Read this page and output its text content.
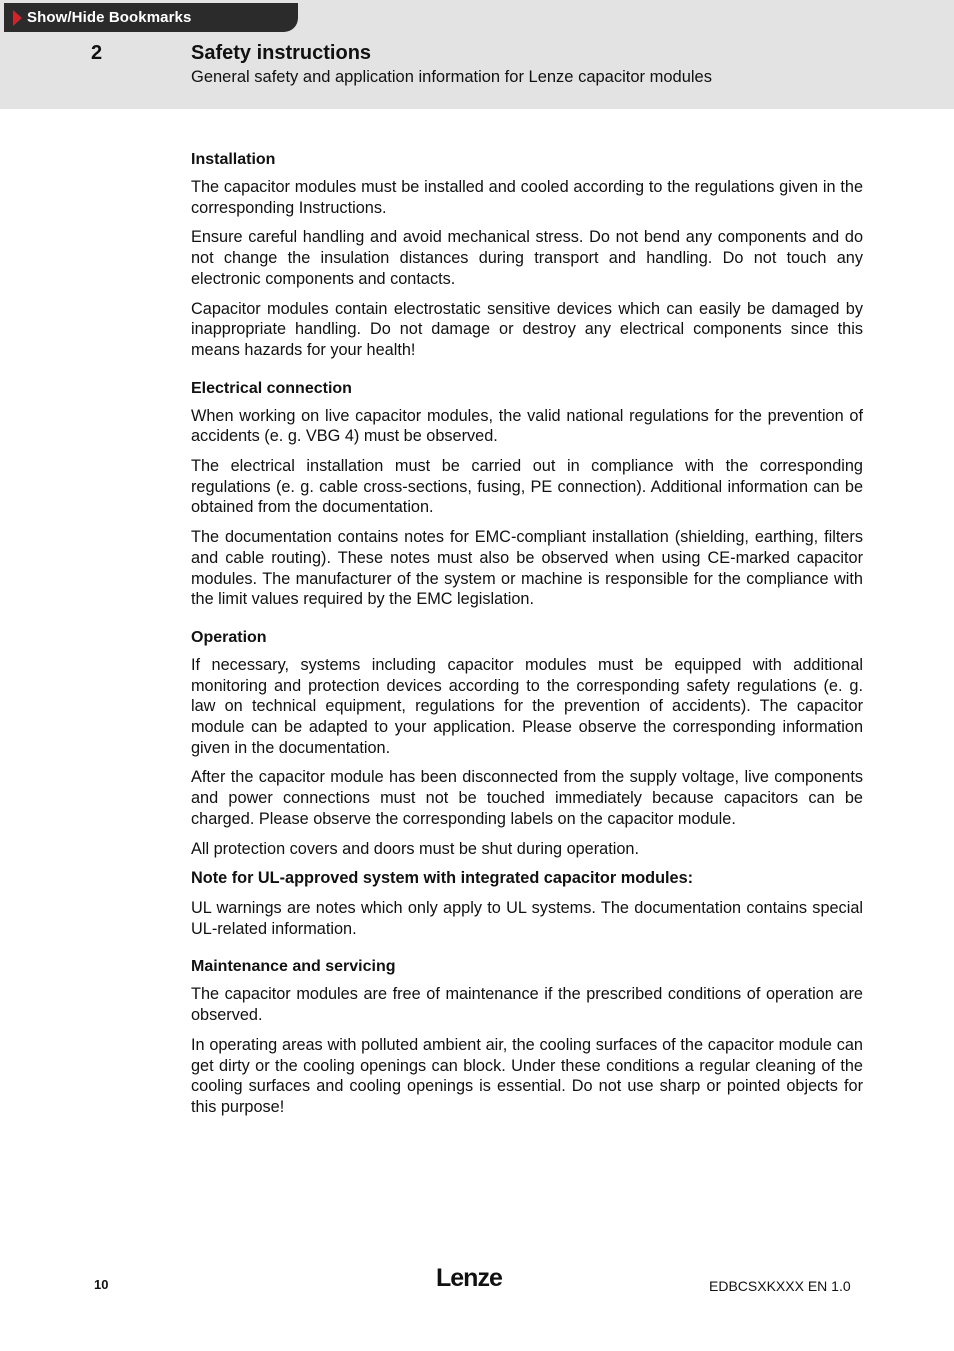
Show/Hide Bookmarks
2	Safety instructions
General safety and application information for Lenze capacitor modules
Installation

The capacitor modules must be installed and cooled according to the regulations given in the corresponding Instructions.

Ensure careful handling and avoid mechanical stress. Do not bend any components and do not change the insulation distances during transport and handling. Do not touch any electronic components and contacts.

Capacitor modules contain electrostatic sensitive devices which can easily be damaged by inappropriate handling. Do not damage or destroy any electrical components since this means hazards for your health!

Electrical connection

When working on live capacitor modules, the valid national regulations for the prevention of accidents (e. g. VBG 4) must be observed.

The electrical installation must be carried out in compliance with the corresponding regulations (e. g. cable cross-sections, fusing, PE connection). Additional information can be obtained from the documentation.

The documentation contains notes for EMC-compliant installation (shielding, earthing, filters and cable routing). These notes must also be observed when using CE-marked capacitor modules. The manufacturer of the system or machine is responsible for the compliance with the limit values required by the EMC legislation.

Operation

If necessary, systems including capacitor modules must be equipped with additional monitoring and protection devices according to the corresponding safety regulations (e. g. law on technical equipment, regulations for the prevention of accidents). The capacitor module can be adapted to your application. Please observe the corresponding information given in the documentation.

After the capacitor module has been disconnected from the supply voltage, live components and power connections must not be touched immediately because capacitors can be charged. Please observe the corresponding labels on the capacitor module.

All protection covers and doors must be shut during operation.

Note for UL-approved system with integrated capacitor modules:

UL warnings are notes which only apply to UL systems. The documentation contains special UL-related information.

Maintenance and servicing

The capacitor modules are free of maintenance if the prescribed conditions of operation are observed.

In operating areas with polluted ambient air, the cooling surfaces of the capacitor module can get dirty or the cooling openings can block. Under these conditions a regular cleaning of the cooling surfaces and cooling openings is essential. Do not use sharp or pointed objects for this purpose!

10	Lenze	EDBCSXKXXX EN 1.0
